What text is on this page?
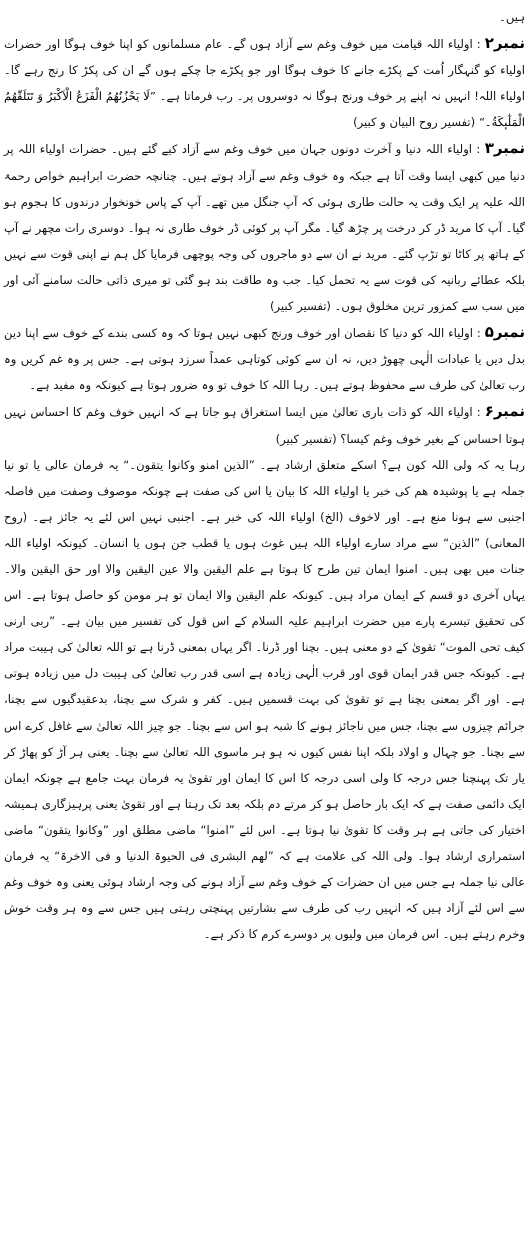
ہیں۔

نمبر۲ : اولیاء اللہ قیامت میں خوف وغم سے آزاد ہوں گے۔ عام مسلمانوں کو اپنا خوف ہوگا اور حضرات اولیاء کو گنہگار اُمت کے پکڑے جانے کا خوف ہوگا اور جو پکڑے جا چکے ہوں گے ان کی پکڑ کا رنج رہے گا۔ اولیاء اللہ! انہیں نہ اپنے پر خوف ورنج ہوگا نہ دوسروں پر۔ رب فرماتا ہے۔ ”لَا یَحْزُنُهُمُ الْفَزَعُ الْاَكْبَرُ وَ تَتَلَقّٰهُمُ الْمَلٰٓىٕكَةُ۔“ (تفسیر روح البیان و کبیر)

نمبر۳ : اولیاء اللہ دنیا و آخرت دونوں جہان میں خوف وغم سے آزاد کیے گئے ہیں۔ حضرات اولیاء اللہ پر دنیا میں کبھی ایسا وقت آتا ہے جبکہ وہ خوف وغم سے آزاد ہوتے ہیں۔ چنانچہ حضرت ابراہیم خواص رحمۃ اللہ علیہ پر ایک وقت یہ حالت طاری ہوئی کہ آپ جنگل میں تھے۔ آپ کے پاس خونخوار درندوں کا ہجوم ہو گیا۔ آپ کا مرید ڈر کر درخت پر چڑھ گیا۔ مگر آپ پر کوئی ڈر خوف طاری نہ ہوا۔ دوسری رات مچھر نے آپ کے ہاتھ پر کاٹا تو تڑپ گئے۔ مرید نے ان سے دو ماجروں کی وجہ پوچھی فرمایا کل ہم نے اپنی قوت سے نہیں بلکہ عطائے ربانیہ کی قوت سے یہ تحمل کیا۔ جب وہ طاقت بند ہو گئی تو میری ذاتی حالت سامنے آئی اور میں سب سے کمزور ترین مخلوق ہوں۔ (تفسیر کبیر)

نمبر۵ : اولیاء اللہ کو دنیا کا نقصان اور خوف ورنج کبھی نہیں ہوتا کہ وہ کسی بندے کے خوف سے اپنا دین بدل دیں یا عبادات الٰہی چھوڑ دیں، نہ ان سے کوئی کوتاہی عمداً سرزد ہوتی ہے۔ جس پر وہ غم کریں وہ رب تعالیٰ کی طرف سے محفوظ ہوتے ہیں۔ رہا اللہ کا خوف تو وہ ضرور ہوتا ہے کیونکہ وہ مفید ہے۔

نمبر۶ : اولیاء اللہ کو ذات باری تعالیٰ میں ایسا استغراق ہو جاتا ہے کہ انہیں خوف وغم کا احساس نہیں ہوتا احساس کے بغیر خوف وغم کیسا؟ (تفسیر کبیر)

رہا یہ کہ ولی اللہ کون ہے؟ اسکے متعلق ارشاد ہے۔ ”الذین امنو وکانوا یتقون۔“ یہ فرمان عالی یا تو نیا جملہ ہے یا پوشیدہ ھم کی خبر یا اولیاء اللہ کا بیان یا اس کی صفت ہے چونکہ موصوف وصفت میں فاصلہ اجنبی سے ہونا منع ہے۔ اور لاخوف (الخ) اولیاء اللہ کی خبر ہے۔ اجنبی نہیں اس لئے یہ جائز ہے۔ (روح المعانی) ”الذین“ سے مراد سارے اولیاء اللہ ہیں غوث ہوں یا قطب جن ہوں یا انسان۔ کیونکہ اولیاء اللہ جنات میں بھی ہیں۔ امنوا ایمان تین طرح کا ہوتا ہے علم الیقین والا عین الیقین والا اور حق الیقین والا۔ یہاں آخری دو قسم کے ایمان مراد ہیں۔ کیونکہ علم الیقین والا ایمان تو ہر مومن کو حاصل ہوتا ہے۔ اس کی تحقیق تیسرے پارے میں حضرت ابراہیم علیہ السلام کے اس قول کی تفسیر میں بیان ہے۔ ”ربی ارنی کیف تحی الموت“ تقویٰ کے دو معنی ہیں۔ بچنا اور ڈرنا۔ اگر یہاں بمعنی ڈرنا ہے تو اللہ تعالیٰ کی ہیبت مراد ہے۔ کیونکہ جس قدر ایمان قوی اور قرب الٰہی زیادہ ہے اسی قدر رب تعالیٰ کی ہیبت دل میں زیادہ ہوتی ہے۔ اور اگر بمعنی بچنا ہے تو تقویٰ کی بہت قسمیں ہیں۔ کفر و شرک سے بچنا، بدعقیدگیوں سے بچنا، جرائم چیزوں سے بچنا، جس میں ناجائز ہونے کا شبہ ہو اس سے بچنا۔ جو چیز اللہ تعالیٰ سے غافل کرے اس سے بچنا۔ جو چہال و اولاد بلکہ اپنا نفس کیوں نہ ہو ہر ماسوی اللہ تعالیٰ سے بچنا۔ یعنی ہر آڑ کو پھاڑ کر یار تک پہنچنا جس درجہ کا ولی اسی درجہ کا اس کا ایمان اور تقویٰ یہ فرمان بہت جامع ہے چونکہ ایمان ایک دائمی صفت ہے کہ ایک بار حاصل ہو کر مرتے دم بلکہ بعد تک رہتا ہے اور تقویٰ یعنی پرہیزگاری ہمیشہ اختیار کی جاتی ہے ہر وقت کا تقویٰ نیا ہوتا ہے۔ اس لئے ”امنوا“ ماضی مطلق اور ”وکانوا یتقون“ ماضی استمراری ارشاد ہوا۔ ولی اللہ کی علامت ہے کہ ”لھم البشری فی الحیوۃ الدنیا و فی الاخرۃ“ یہ فرمان عالی نیا جملہ ہے جس میں ان حضرات کے خوف وغم سے آزاد ہونے کی وجہ ارشاد ہوئی یعنی وہ خوف وغم سے اس لئے آزاد ہیں کہ انہیں رب کی طرف سے بشارتیں پہنچتی رہتی ہیں جس سے وہ ہر وقت خوش وخرم رہتے ہیں۔ اس فرمان میں ولیوں پر دوسرے کرم کا ذکر ہے۔
